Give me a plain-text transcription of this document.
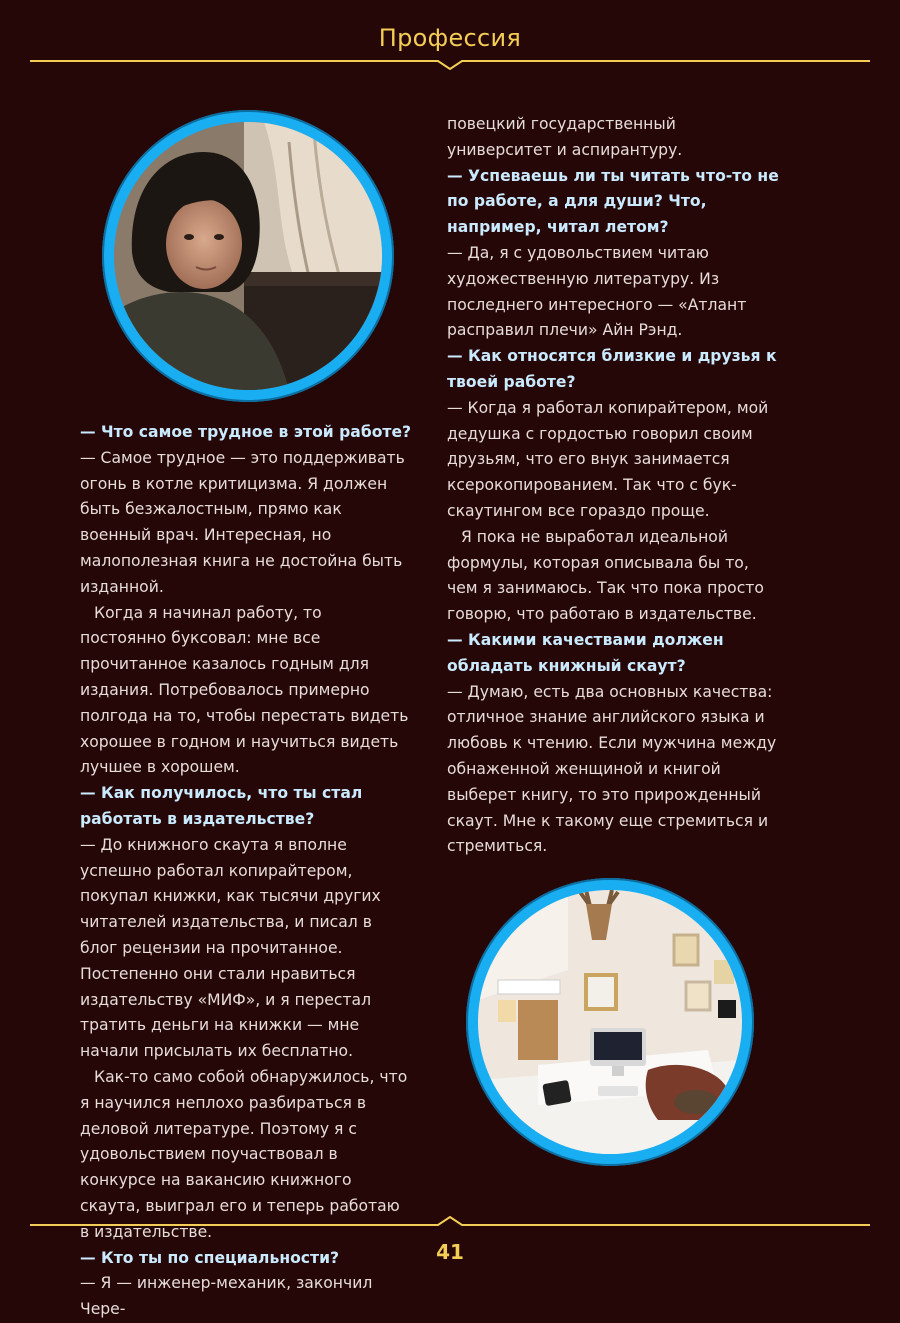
Профессия

— Что самое трудное в этой работе?

— Самое трудное — это поддерживать огонь в котле критицизма. Я должен быть безжалостным, прямо как военный врач. Интересная, но малополезная книга не достойна быть изданной.

Когда я начинал работу, то постоянно буксовал: мне все прочитанное казалось годным для издания. Потребовалось примерно полгода на то, чтобы перестать видеть хорошее в годном и научиться видеть лучшее в хорошем.

— Как получилось, что ты стал работать в издательстве?

— До книжного скаута я вполне успешно работал копирайтером, покупал книжки, как тысячи других читателей издательства, и писал в блог рецензии на прочитанное. Постепенно они стали нравиться издательству «МИФ», и я перестал тратить деньги на книжки — мне начали присылать их бесплатно.

Как-то само собой обнаружилось, что я научился неплохо разбираться в деловой литературе. Поэтому я с удовольствием поучаствовал в конкурсе на вакансию книжного скаута, выиграл его и теперь работаю в издательстве.

— Кто ты по специальности?

— Я — инженер-механик, закончил Чере-

повецкий государственный университет и аспирантуру.

— Успеваешь ли ты читать что-то не по работе, а для души? Что, например, читал летом?

— Да, я с удовольствием читаю художественную литературу. Из последнего интересного — «Атлант расправил плечи» Айн Рэнд.

— Как относятся близкие и друзья к твоей работе?

— Когда я работал копирайтером, мой дедушка с гордостью говорил своим друзьям, что его внук занимается ксерокопированием. Так что с бук-скаутингом все гораздо проще.

Я пока не выработал идеальной формулы, которая описывала бы то, чем я занимаюсь. Так что пока просто говорю, что работаю в издательстве.

— Какими качествами должен обладать книжный скаут?

— Думаю, есть два основных качества: отличное знание английского языка и любовь к чтению. Если мужчина между обнаженной женщиной и книгой выберет книгу, то это прирожденный скаут. Мне к такому еще стремиться и стремиться.

41
